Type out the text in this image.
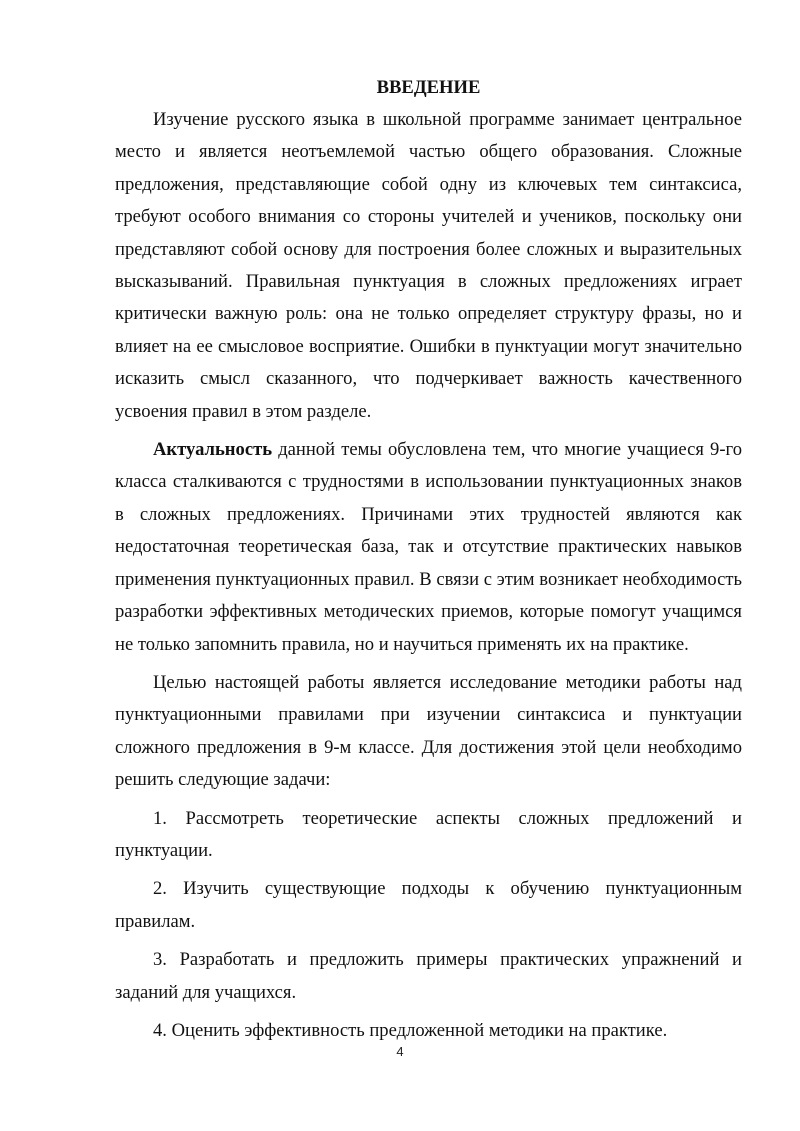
ВВЕДЕНИЕ

Изучение русского языка в школьной программе занимает центральное место и является неотъемлемой частью общего образования. Сложные предложения, представляющие собой одну из ключевых тем синтаксиса, требуют особого внимания со стороны учителей и учеников, поскольку они представляют собой основу для построения более сложных и выразительных высказываний. Правильная пунктуация в сложных предложениях играет критически важную роль: она не только определяет структуру фразы, но и влияет на ее смысловое восприятие. Ошибки в пунктуации могут значительно исказить смысл сказанного, что подчеркивает важность качественного усвоения правил в этом разделе.

Актуальность данной темы обусловлена тем, что многие учащиеся 9-го класса сталкиваются с трудностями в использовании пунктуационных знаков в сложных предложениях. Причинами этих трудностей являются как недостаточная теоретическая база, так и отсутствие практических навыков применения пунктуационных правил. В связи с этим возникает необходимость разработки эффективных методических приемов, которые помогут учащимся не только запомнить правила, но и научиться применять их на практике.

Целью настоящей работы является исследование методики работы над пунктуационными правилами при изучении синтаксиса и пунктуации сложного предложения в 9-м классе. Для достижения этой цели необходимо решить следующие задачи:

1. Рассмотреть теоретические аспекты сложных предложений и пунктуации.

2. Изучить существующие подходы к обучению пунктуационным правилам.

3. Разработать и предложить примеры практических упражнений и заданий для учащихся.

4. Оценить эффективность предложенной методики на практике.

4
